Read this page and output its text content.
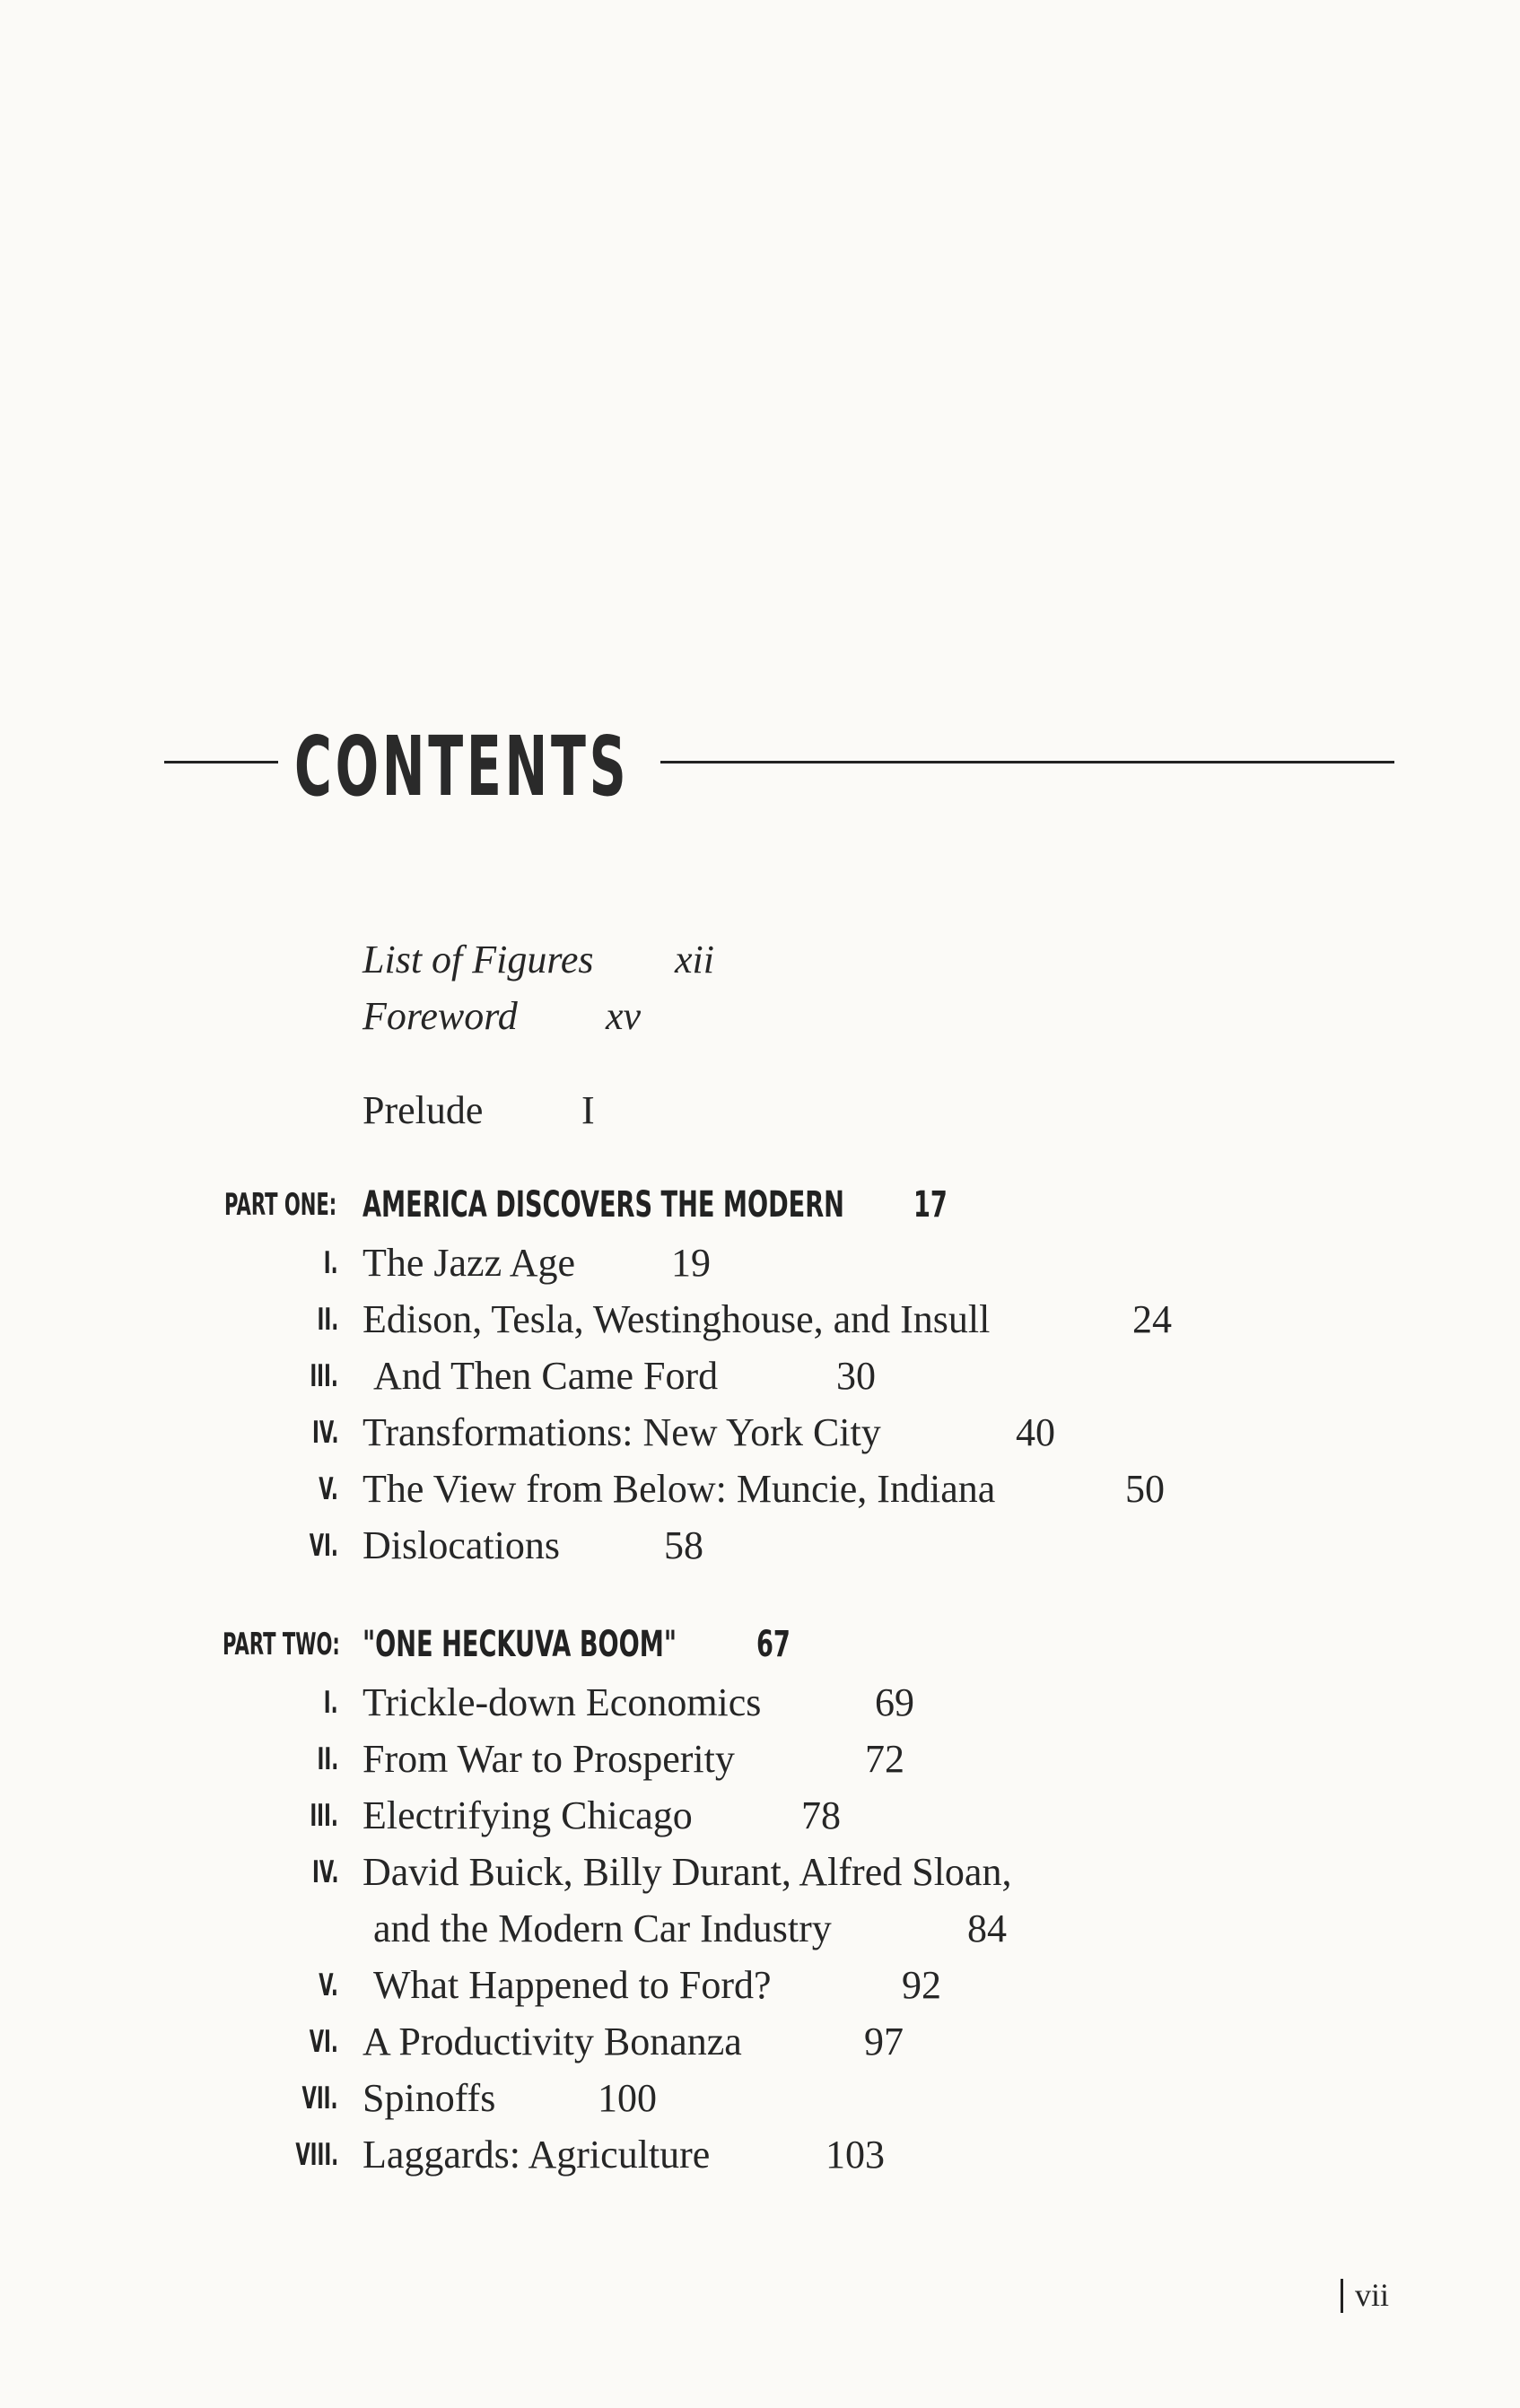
CONTENTS
List of Figures xii
Foreword xv
Prelude I
PART ONE: AMERICA DISCOVERS THE MODERN 17
I. The Jazz Age 19
II. Edison, Tesla, Westinghouse, and Insull	24
III. And Then Came Ford	30
IV. Transformations: New York City	40
V. The View from Below: Muncie, Indiana	50
VI. Dislocations	58
PART TWO: "ONE HECKUVA BOOM" 67
I. Trickle-down Economics	69
II. From War to Prosperity	72
III. Electrifying Chicago	78
IV. David Buick, Billy Durant, Alfred Sloan,
and the Modern Car Industry	84
V. What Happened to Ford?	92
VI. A Productivity Bonanza	97
VII. Spinoffs	100
VIII. Laggards: Agriculture	103
vii
